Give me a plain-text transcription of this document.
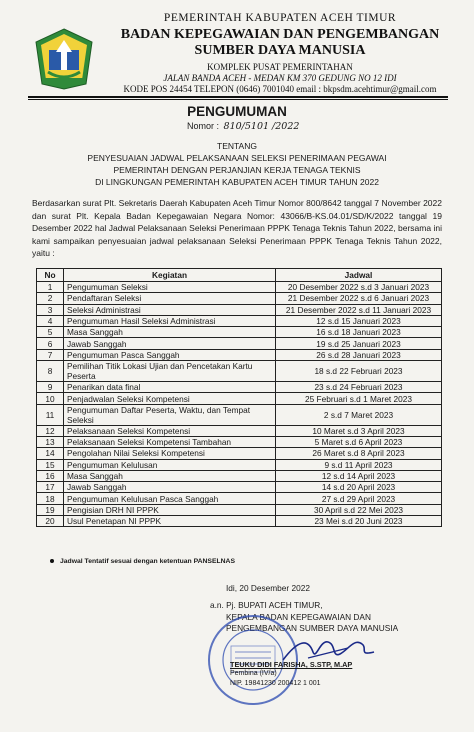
PEMERINTAH KABUPATEN ACEH TIMUR
BADAN KEPEGAWAIAN DAN PENGEMBANGAN
SUMBER DAYA MANUSIA
KOMPLEK PUSAT PEMERINTAHAN
JALAN BANDA ACEH - MEDAN KM 370 GEDUNG NO 12 IDI
KODE POS 24454 TELEPON (0646) 7001040 email : bkpsdm.acehtimur@gmail.com
PENGUMUMAN
Nomor : 810/5101 /2022
TENTANG
PENYESUAIAN JADWAL PELAKSANAAN SELEKSI PENERIMAAN PEGAWAI
PEMERINTAH DENGAN PERJANJIAN KERJA TENAGA TEKNIS
DI LINGKUNGAN PEMERINTAH KABUPATEN ACEH TIMUR TAHUN 2022
Berdasarkan surat Plt. Sekretaris Daerah Kabupaten Aceh Timur Nomor 800/8642 tanggal 7 November 2022 dan surat Plt. Kepala Badan Kepegawaian Negara Nomor: 43066/B-KS.04.01/SD/K/2022 tanggal 19 Desember 2022 hal Jadwal Pelaksanaan Seleksi Penerimaan PPPK Tenaga Teknis Tahun 2022, bersama ini kami sampaikan penyesuaian jadwal pelaksanaan Seleksi Penerimaan PPPK Tenaga Teknis Tahun 2022, yaitu :
No	Kegiatan	Jadwal
1	Pengumuman Seleksi	20 Desember 2022 s.d 3 Januari 2023
2	Pendaftaran Seleksi	21 Desember 2022 s.d 6 Januari 2023
3	Seleksi Administrasi	21 Desember 2022 s.d 11 Januari 2023
4	Pengumuman Hasil Seleksi Administrasi	12 s.d 15 Januari 2023
5	Masa Sanggah	16 s.d 18 Januari 2023
6	Jawab Sanggah	19 s.d 25 Januari 2023
7	Pengumuman Pasca Sanggah	26 s.d 28 Januari 2023
8	Pemilihan Titik Lokasi Ujian dan Pencetakan Kartu Peserta	18 s.d 22 Februari 2023
9	Penarikan data final	23 s.d 24 Februari 2023
10	Penjadwalan Seleksi Kompetensi	25 Februari s.d 1 Maret 2023
11	Pengumuman Daftar Peserta, Waktu, dan Tempat Seleksi	2 s.d 7 Maret 2023
12	Pelaksanaan Seleksi Kompetensi	10 Maret s.d 3 April 2023
13	Pelaksanaan Seleksi Kompetensi Tambahan	5 Maret s.d 6 April 2023
14	Pengolahan Nilai Seleksi Kompetensi	26 Maret s.d 8 April 2023
15	Pengumuman Kelulusan	9 s.d 11 April 2023
16	Masa Sanggah	12 s.d 14 April 2023
17	Jawab Sanggah	14 s.d 20 April 2023
18	Pengumuman Kelulusan Pasca Sanggah	27 s.d 29 April 2023
19	Pengisian DRH NI PPPK	30 April s.d 22 Mei 2023
20	Usul Penetapan NI PPPK	23 Mei s.d 20 Juni 2023
Jadwal Tentatif sesuai dengan ketentuan PANSELNAS
Idi, 20 Desember 2022
a.n. Pj. BUPATI ACEH TIMUR,
KEPALA BADAN KEPEGAWAIAN DAN
PENGEMBANGAN SUMBER DAYA MANUSIA
TEUKU DIDI FARISHA, S.STP, M.AP
Pembina (IV/a)
NIP. 19841230 200412 1 001
